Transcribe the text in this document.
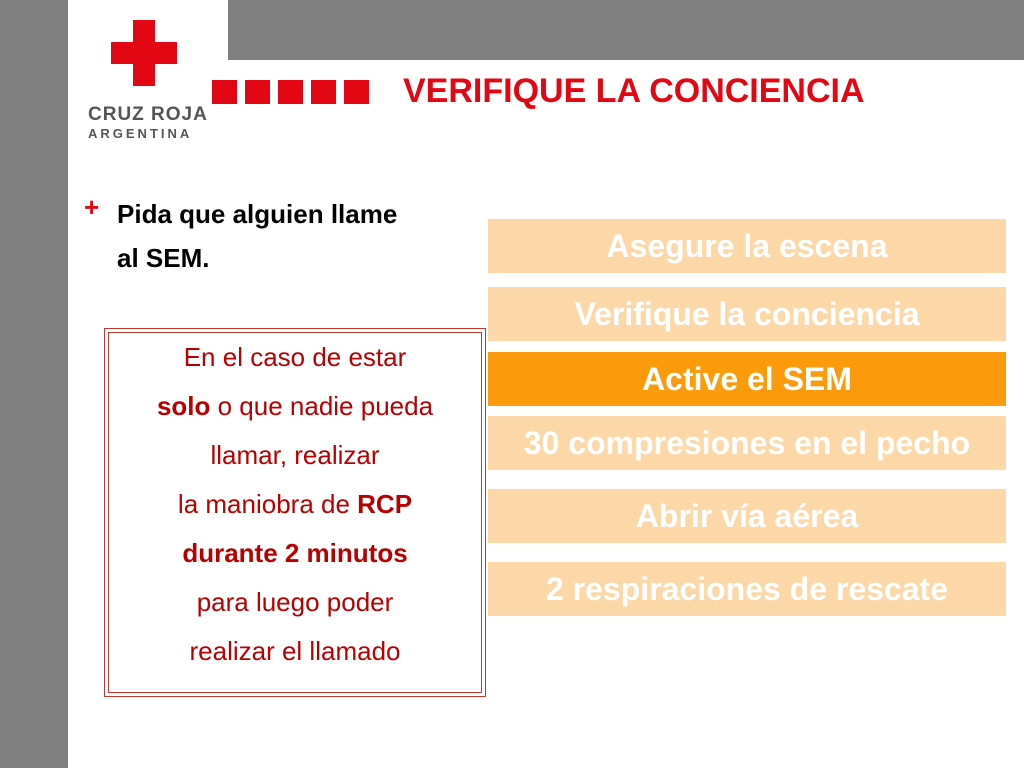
CRUZ ROJA
ARGENTINA
VERIFIQUE LA CONCIENCIA
+ Pida que alguien llame
al SEM.
En el caso de estar
solo o que nadie pueda
llamar, realizar
la maniobra de RCP
durante 2 minutos
para luego poder
realizar el llamado
Asegure la escena
Verifique la conciencia
Active el SEM
30 compresiones en el pecho
Abrir vía aérea
2 respiraciones de rescate
